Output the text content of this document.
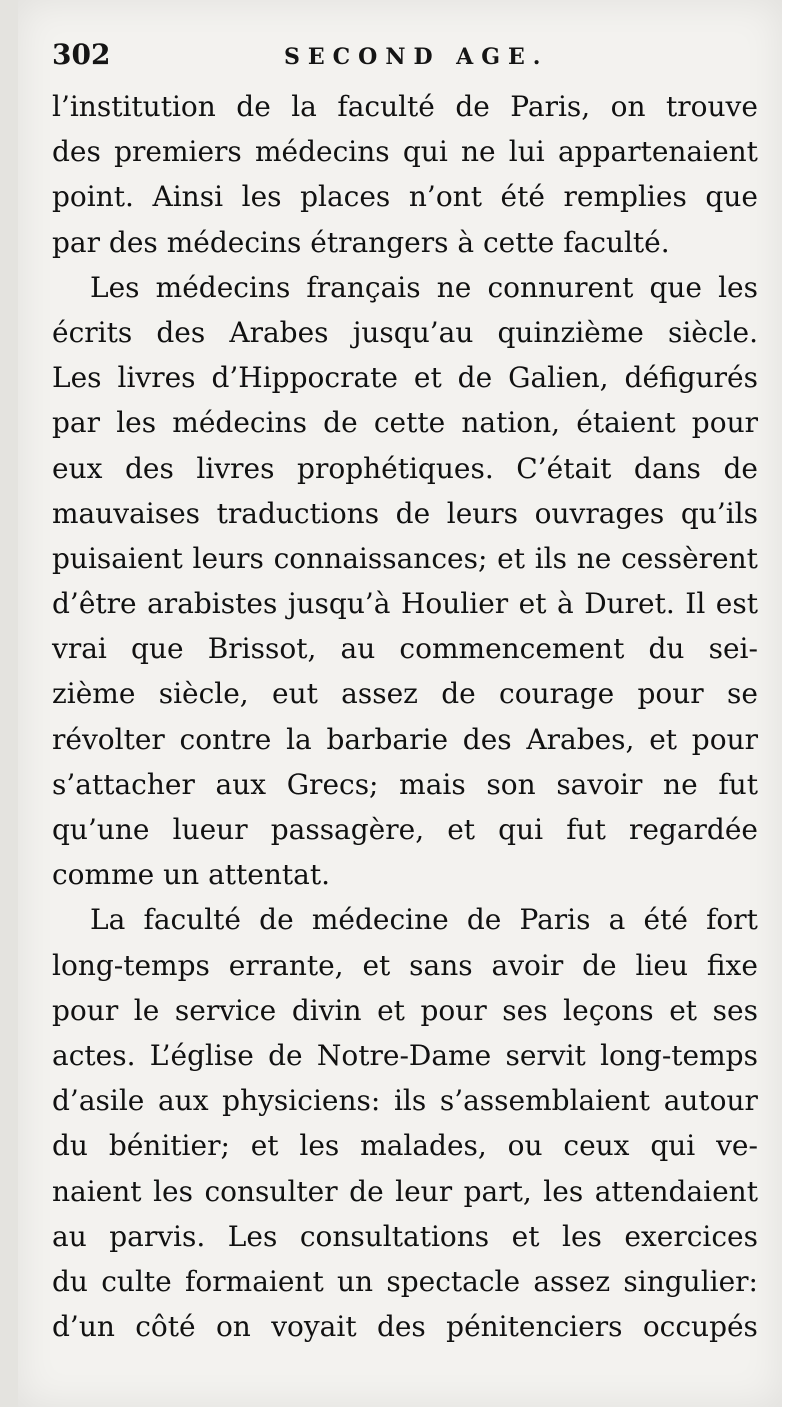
302	SECOND AGE.
l’institution de la faculté de Paris, on trouve
des premiers médecins qui ne lui appartenaient
point. Ainsi les places n’ont été remplies que
par
des
médecins
étrangers
à
cette
faculté.

Les médecins français ne connurent que les
écrits des Arabes jusqu’au quinzième siècle.
Les livres d’Hippocrate et de Galien, défigurés
par les médecins de cette nation, étaient pour
eux des livres prophétiques. C’était dans de
mauvaises traductions de leurs ouvrages qu’ils
puisaient leurs connaissances; et ils ne cessèrent
d’être arabistes jusqu’à Houlier et à Duret. Il est
vrai que Brissot, au commencement du sei-
zième siècle, eut assez de courage pour se
révolter contre la barbarie des Arabes, et pour
s’attacher aux Grecs; mais son savoir ne fut
qu’une lueur passagère, et qui fut regardée
comme
un
attentat.

La faculté de médecine de Paris a été fort
long-temps errante, et sans avoir de lieu fixe
pour le service divin et pour ses leçons et ses
actes. L’église de Notre-Dame servit long-temps
d’asile aux physiciens: ils s’assemblaient autour
du bénitier; et les malades, ou ceux qui ve-
naient les consulter de leur part, les attendaient
au parvis. Les consultations et les exercices
du culte formaient un spectacle assez singulier:
d’un côté on voyait des pénitenciers occupés
